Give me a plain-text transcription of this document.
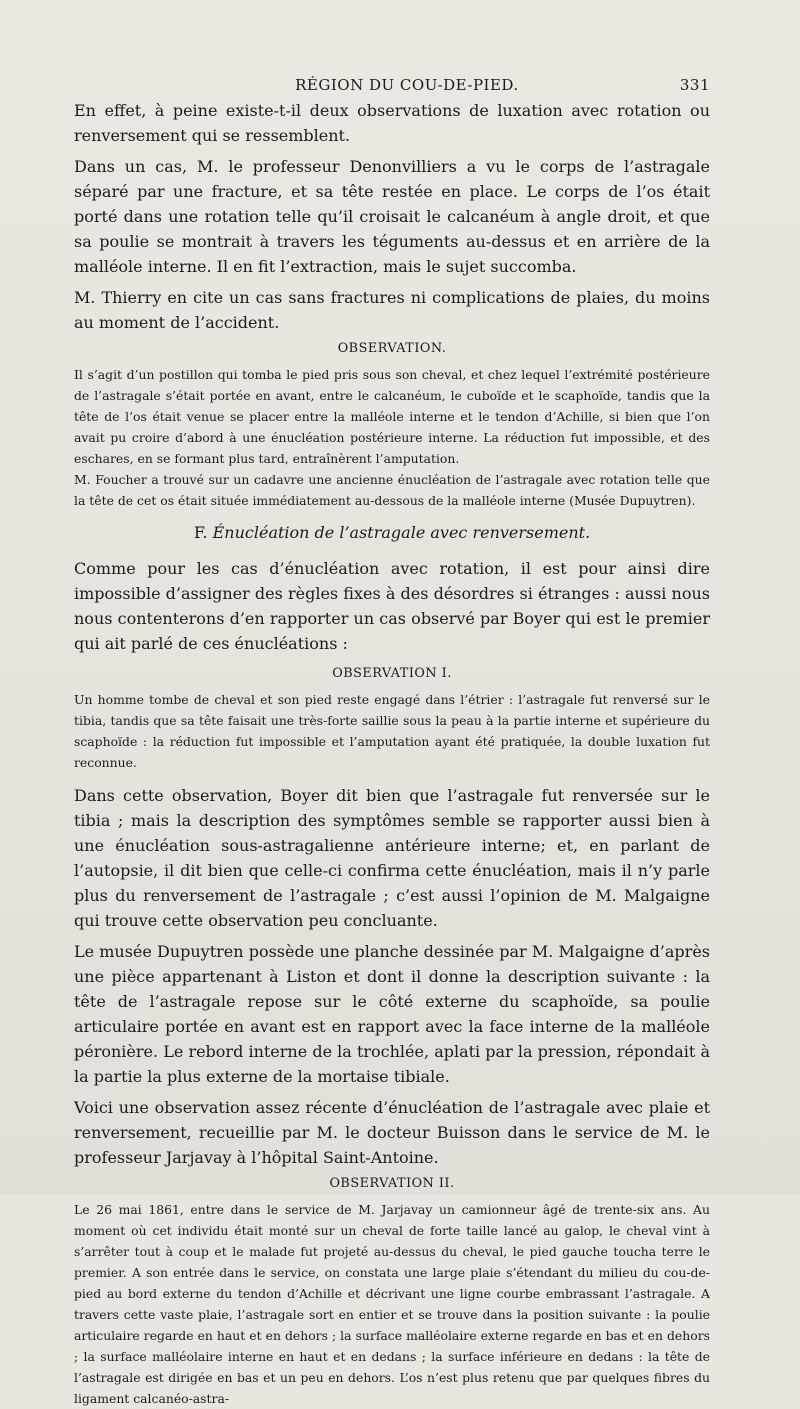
RÉGION DU COU-DE-PIED.	331

En effet, à peine existe-t-il deux observations de luxation avec rotation ou renversement qui se ressemblent.

Dans un cas, M. le professeur Denonvilliers a vu le corps de l’astragale séparé par une fracture, et sa tête restée en place. Le corps de l’os était porté dans une rotation telle qu’il croisait le calcanéum à angle droit, et que sa poulie se montrait à travers les téguments au-dessus et en arrière de la malléole interne. Il en fit l’extraction, mais le sujet succomba.

M. Thierry en cite un cas sans fractures ni complications de plaies, du moins au moment de l’accident.

OBSERVATION.

Il s’agit d’un postillon qui tomba le pied pris sous son cheval, et chez lequel l’extrémité postérieure de l’astragale s’était portée en avant, entre le calcanéum, le cuboïde et le scaphoïde, tandis que la tête de l’os était venue se placer entre la malléole interne et le tendon d’Achille, si bien que l’on avait pu croire d’abord à une énucléation postérieure interne. La réduction fut impossible, et des eschares, en se formant plus tard, entraînèrent l’amputation.

M. Foucher a trouvé sur un cadavre une ancienne énucléation de l’astragale avec rotation telle que la tête de cet os était située immédiatement au-dessous de la malléole interne (Musée Dupuytren).

F. Énucléation de l’astragale avec renversement.

Comme pour les cas d’énucléation avec rotation, il est pour ainsi dire impossible d’assigner des règles fixes à des désordres si étranges : aussi nous nous contenterons d’en rapporter un cas observé par Boyer qui est le premier qui ait parlé de ces énucléations :

OBSERVATION I.

Un homme tombe de cheval et son pied reste engagé dans l’étrier : l’astragale fut renversé sur le tibia, tandis que sa tête faisait une très-forte saillie sous la peau à la partie interne et supérieure du scaphoïde : la réduction fut impossible et l’amputation ayant été pratiquée, la double luxation fut reconnue.

Dans cette observation, Boyer dit bien que l’astragale fut renversée sur le tibia ; mais la description des symptômes semble se rapporter aussi bien à une énucléation sous-astragalienne antérieure interne; et, en parlant de l’autopsie, il dit bien que celle-ci confirma cette énucléation, mais il n’y parle plus du renversement de l’astragale ; c’est aussi l’opinion de M. Malgaigne qui trouve cette observation peu concluante.

Le musée Dupuytren possède une planche dessinée par M. Malgaigne d’après une pièce appartenant à Liston et dont il donne la description suivante : la tête de l’astragale repose sur le côté externe du scaphoïde, sa poulie articulaire portée en avant est en rapport avec la face interne de la malléole péronière. Le rebord interne de la trochlée, aplati par la pression, répondait à la partie la plus externe de la mortaise tibiale.

Voici une observation assez récente d’énucléation de l’astragale avec plaie et renversement, recueillie par M. le docteur Buisson dans le service de M. le professeur Jarjavay à l’hôpital Saint-Antoine.

OBSERVATION II.

Le 26 mai 1861, entre dans le service de M. Jarjavay un camionneur âgé de trente-six ans. Au moment où cet individu était monté sur un cheval de forte taille lancé au galop, le cheval vint à s’arrêter tout à coup et le malade fut projeté au-dessus du cheval, le pied gauche toucha terre le premier. A son entrée dans le service, on constata une large plaie s’étendant du milieu du cou-de-pied au bord externe du tendon d’Achille et décrivant une ligne courbe embrassant l’astragale. A travers cette vaste plaie, l’astragale sort en entier et se trouve dans la position suivante : la poulie articulaire regarde en haut et en dehors ; la surface malléolaire externe regarde en bas et en dehors ; la surface malléolaire interne en haut et en dedans ; la surface inférieure en dedans : la tête de l’astragale est dirigée en bas et un peu en dehors. L’os n’est plus retenu que par quelques fibres du ligament calcanéo-astra-
